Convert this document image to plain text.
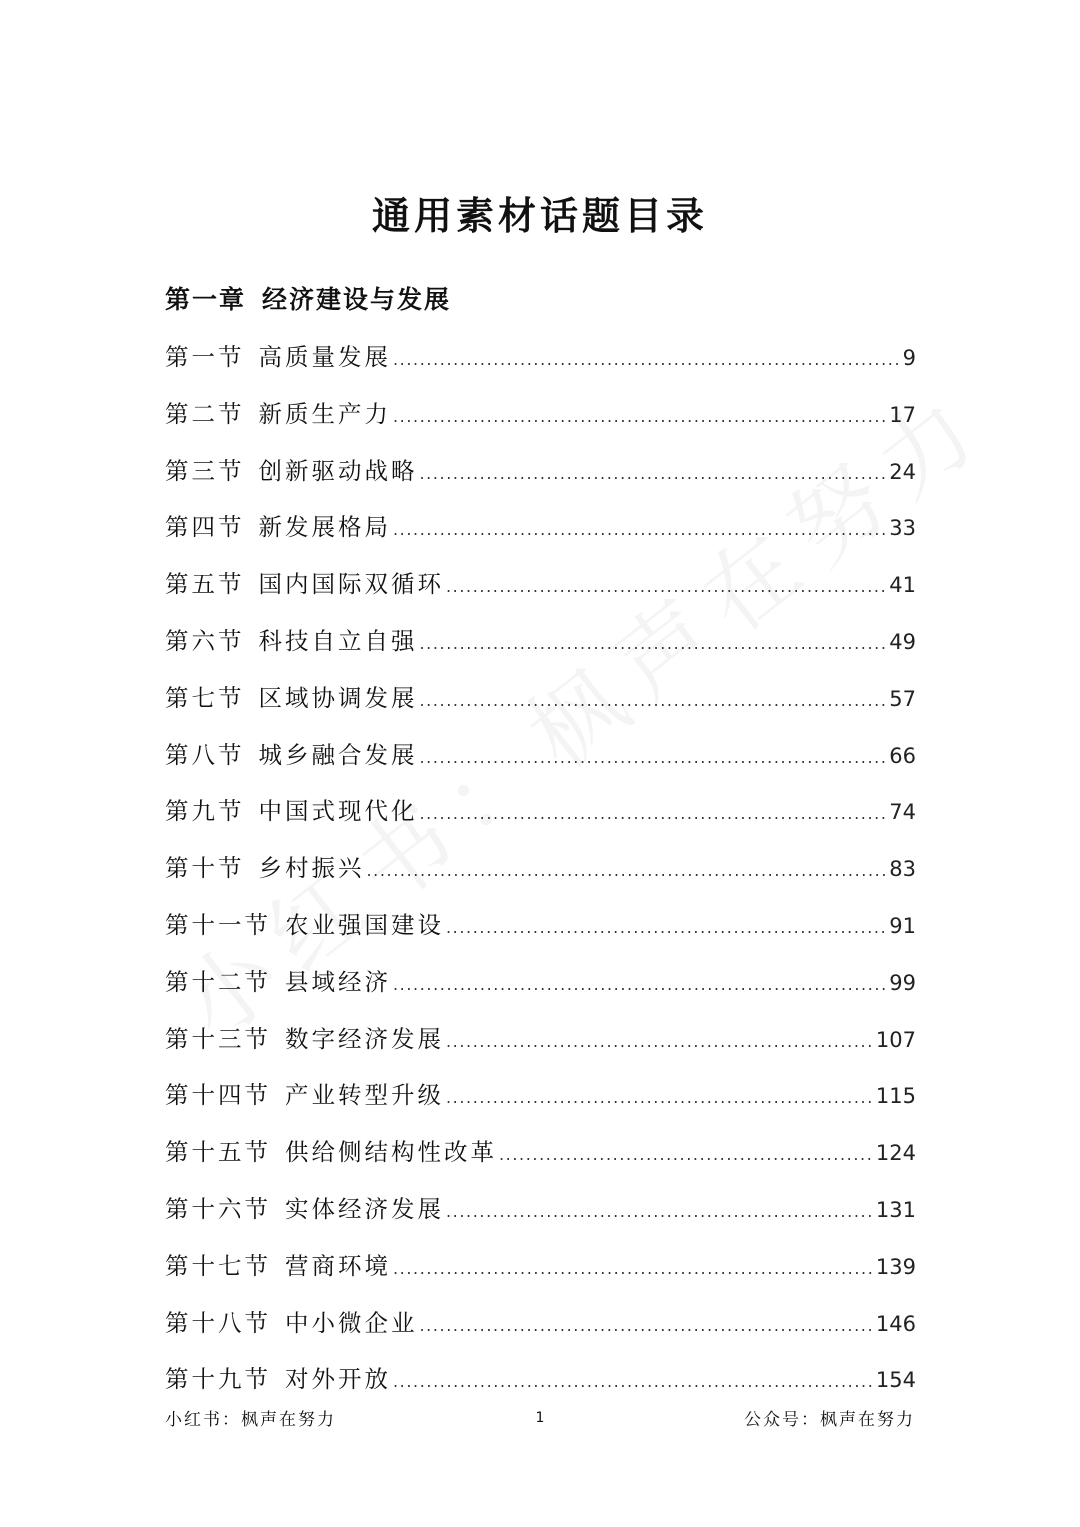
通用素材话题目录
第一章 经济建设与发展
第一节 高质量发展 .....	9
第二节 新质生产力 .....	17
第三节 创新驱动战略 .....	24
第四节 新发展格局 .....	33
第五节 国内国际双循环 .....	41
第六节 科技自立自强 .....	49
第七节 区域协调发展 .....	57
第八节 城乡融合发展 .....	66
第九节 中国式现代化 .....	74
第十节 乡村振兴 .....	83
第十一节 农业强国建设 .....	91
第十二节 县域经济 .....	99
第十三节 数字经济发展 .....	107
第十四节 产业转型升级 .....	115
第十五节 供给侧结构性改革 .....	124
第十六节 实体经济发展 .....	131
第十七节 营商环境 .....	139
第十八节 中小微企业 .....	146
第十九节 对外开放 .....	154
小红书：枫声在努力	1	公众号：枫声在努力
